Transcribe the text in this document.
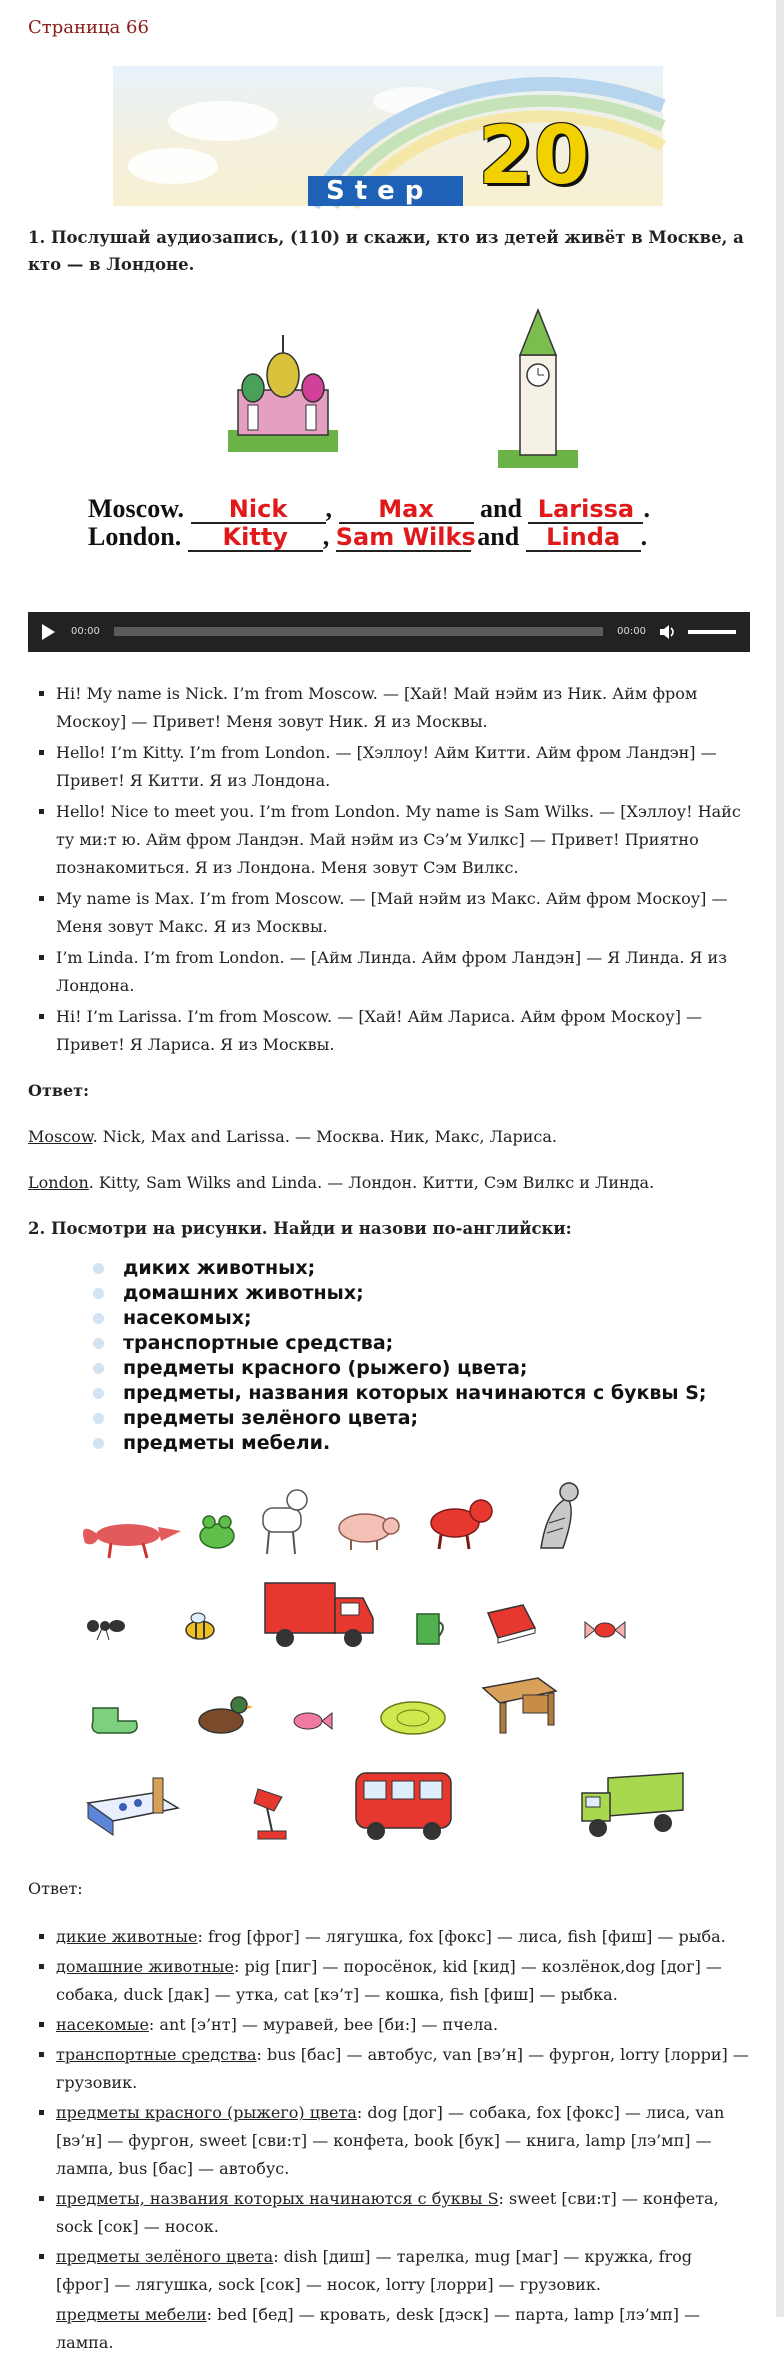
Страница 66
Step 20
1. Послушай аудиозапись, (110) и скажи, кто из детей живёт в Москве, а кто — в Лондоне.
Moscow. Nick , Max and Larissa .
London. Kitty , Sam Wilks and Linda .
00:00	00:00
▪ Hi! My name is Nick. I’m from Moscow. — [Хай! Май нэйм из Ник. Айм фром Москоу] — Привет! Меня зовут Ник. Я из Москвы.
▪ Hello! I’m Kitty. I’m from London. — [Хэллоу! Айм Китти. Айм фром Ландэн] — Привет! Я Китти. Я из Лондона.
▪ Hello! Nice to meet you. I’m from London. My name is Sam Wilks. — [Хэллоу! Найс ту ми:т ю. Айм фром Ландэн. Май нэйм из Сэ’м Уилкс] — Привет! Приятно познакомиться. Я из Лондона. Меня зовут Сэм Вилкс.
▪ My name is Max. I’m from Moscow. — [Май нэйм из Макс. Айм фром Москоу] — Меня зовут Макс. Я из Москвы.
▪ I’m Linda. I’m from London. — [Айм Линда. Айм фром Ландэн] — Я Линда. Я из Лондона.
▪ Hi! I’m Larissa. I’m from Moscow. — [Хай! Айм Лариса. Айм фром Москоу] — Привет! Я Лариса. Я из Москвы.
Ответ:

Moscow. Nick, Max and Larissa. — Москва. Ник, Макс, Лариса.

London. Kitty, Sam Wilks and Linda. — Лондон. Китти, Сэм Вилкс и Линда.

2. Посмотри на рисунки. Найди и назови по-английски:
диких животных;
домашних животных;
насекомых;
транспортные средства;
предметы красного (рыжего) цвета;
предметы, названия которых начинаются с буквы S;
предметы зелёного цвета;
предметы мебели.
Ответ:
▪ дикие животные: frog [фрог] — лягушка, fox [фокс] — лиса, fish [фиш] — рыба.
▪ домашние животные: pig [пиг] — поросёнок, kid [кид] — козлёнок,dog [дог] — собака, duck [дак] — утка, cat [кэ’т] — кошка, fish [фиш] — рыбка.
▪ насекомые: ant [э’нт] — муравей, bee [би:] — пчела.
▪ транспортные средства: bus [бас] — автобус, van [вэ’н] — фургон, lorry [лорри] — грузовик.
▪ предметы красного (рыжего) цвета: dog [дог] — собака, fox [фокс] — лиса, van [вэ’н] — фургон, sweet [сви:т] — конфета, book [бук] — книга, lamp [лэ’мп] — лампа, bus [бас] — автобус.
▪ предметы, названия которых начинаются с буквы S: sweet [сви:т] — конфета, sock [сок] — носок.
▪ предметы зелёного цвета: dish [диш] — тарелка, mug [маг] — кружка, frog [фрог] — лягушка, sock [сок] — носок, lorry [лорри] — грузовик.
предметы мебели: bed [бед] — кровать, desk [дэск] — парта, lamp [лэ’мп] — лампа.
